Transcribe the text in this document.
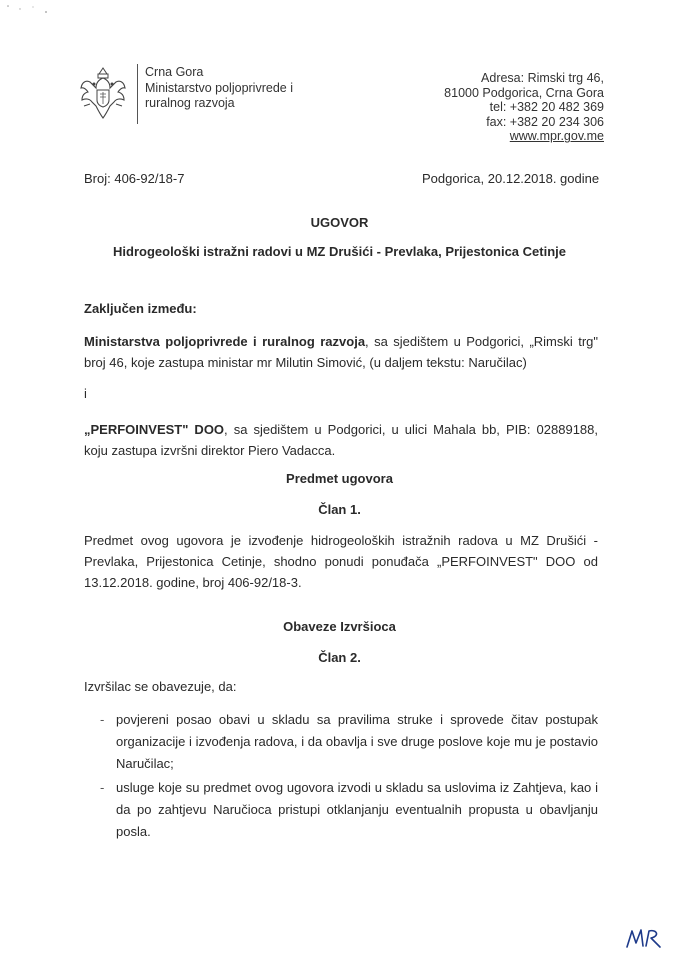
Crna Gora
Ministarstvo poljoprivrede i
ruralnog razvoja
Adresa: Rimski trg 46,
81000 Podgorica, Crna Gora
tel: +382 20 482 369
fax: +382 20 234 306
www.mpr.gov.me
Broj: 406-92/18-7	Podgorica, 20.12.2018. godine
UGOVOR
Hidrogeološki istražni radovi u MZ Drušići - Prevlaka, Prijestonica Cetinje
Zaključen između:
Ministarstva poljoprivrede i ruralnog razvoja, sa sjedištem u Podgorici, „Rimski trg" broj 46, koje zastupa ministar mr Milutin Simović, (u daljem tekstu: Naručilac)
i
„PERFOINVEST" DOO, sa sjedištem u Podgorici, u ulici Mahala bb, PIB: 02889188, koju zastupa izvršni direktor Piero Vadacca.
Predmet ugovora
Član 1.
Predmet ovog ugovora je izvođenje hidrogeoloških istražnih radova u MZ Drušići - Prevlaka, Prijestonica Cetinje, shodno ponudi ponuđača „PERFOINVEST" DOO od 13.12.2018. godine, broj 406-92/18-3.
Obaveze Izvršioca
Član 2.
Izvršilac se obavezuje, da:
- povjereni posao obavi u skladu sa pravilima struke i sprovede čitav postupak organizacije i izvođenja radova, i da obavlja i sve druge poslove koje mu je postavio Naručilac;
- usluge koje su predmet ovog ugovora izvodi u skladu sa uslovima iz Zahtjeva, kao i da po zahtjevu Naručioca pristupi otklanjanju eventualnih propusta u obavljanju posla.
